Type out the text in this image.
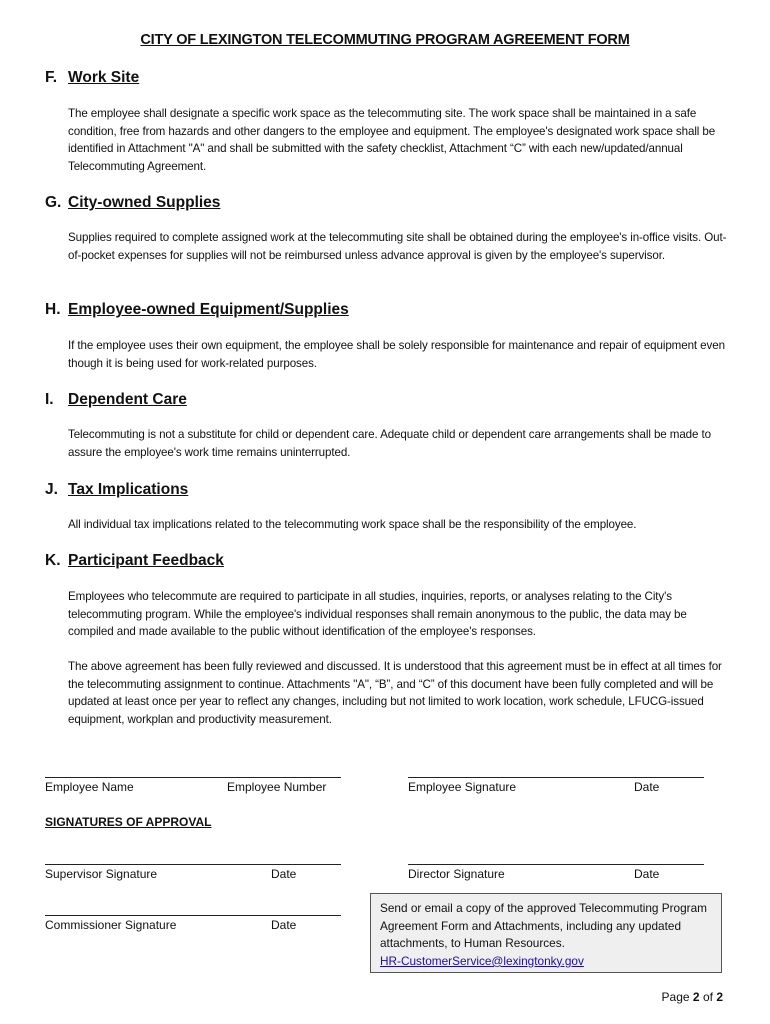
CITY OF LEXINGTON TELECOMMUTING PROGRAM AGREEMENT FORM
F. Work Site
The employee shall designate a specific work space as the telecommuting site. The work space shall be maintained in a safe condition, free from hazards and other dangers to the employee and equipment. The employee's designated work space shall be identified in Attachment "A" and shall be submitted with the safety checklist, Attachment “C” with each new/updated/annual Telecommuting Agreement.
G. City-owned Supplies
Supplies required to complete assigned work at the telecommuting site shall be obtained during the employee's in-office visits. Out-of-pocket expenses for supplies will not be reimbursed unless advance approval is given by the employee's supervisor.
H. Employee-owned Equipment/Supplies
If the employee uses their own equipment, the employee shall be solely responsible for maintenance and repair of equipment even though it is being used for work-related purposes.
I. Dependent Care
Telecommuting is not a substitute for child or dependent care. Adequate child or dependent care arrangements shall be made to assure the employee's work time remains uninterrupted.
J. Tax Implications
All individual tax implications related to the telecommuting work space shall be the responsibility of the employee.
K. Participant Feedback
Employees who telecommute are required to participate in all studies, inquiries, reports, or analyses relating to the City's telecommuting program. While the employee's individual responses shall remain anonymous to the public, the data may be compiled and made available to the public without identification of the employee's responses.
The above agreement has been fully reviewed and discussed. It is understood that this agreement must be in effect at all times for the telecommuting assignment to continue. Attachments "A", “B”, and “C” of this document have been fully completed and will be updated at least once per year to reflect any changes, including but not limited to work location, work schedule, LFUCG-issued equipment, workplan and productivity measurement.
Employee Name	Employee Number	Employee Signature	Date
SIGNATURES OF APPROVAL
Supervisor Signature	Date	Director Signature	Date
Commissioner Signature	Date
Send or email a copy of the approved Telecommuting Program Agreement Form and Attachments, including any updated attachments, to Human Resources.
HR-CustomerService@lexingtonky.gov
Page 2 of 2
